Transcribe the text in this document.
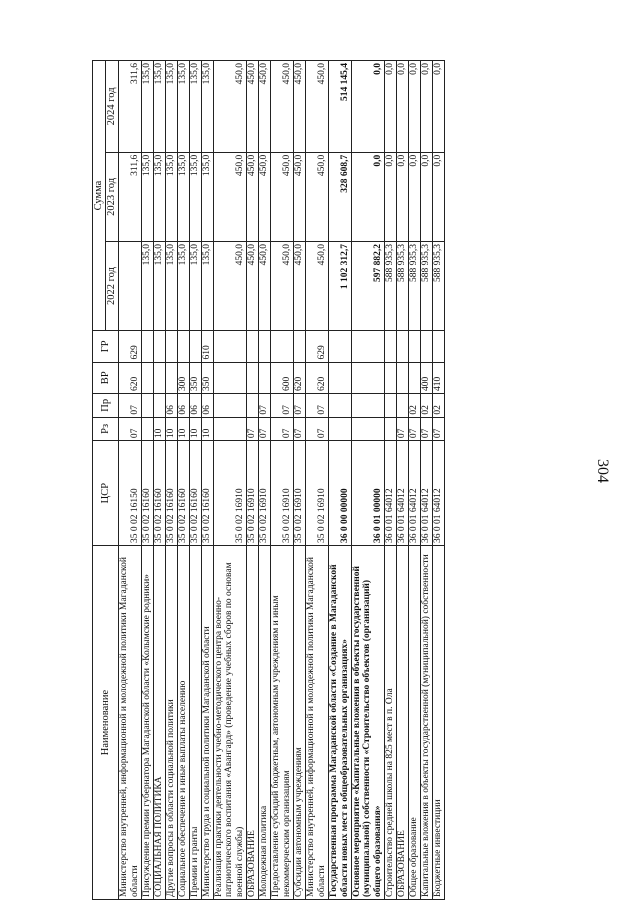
304
Наименование	ЦСР	Рз	Пр	ВР	ГР	Сумма		
						2022 год	2023 год	2024 год
Министерство внутренней, информационной и молодежной политики Магаданской области	35 0 02 16150	07	07	620	629		311,6	311,6
Присуждение премии губернатора Магаданской области «Колымские родники»	35 0 02 16160					135,0	135,0	135,0
СОЦИАЛЬНАЯ ПОЛИТИКА	35 0 02 16160	10				135,0	135,0	135,0
Другие вопросы в области социальной политики	35 0 02 16160	10	06			135,0	135,0	135,0
Социальное обеспечение и иные выплаты населению	35 0 02 16160	10	06	300		135,0	135,0	135,0
Премии и гранты	35 0 02 16160	10	06	350		135,0	135,0	135,0
Министерство труда и социальной политики Магаданской области	35 0 02 16160	10	06	350	610	135,0	135,0	135,0
Реализация практики деятельности учебно-методического центра военно-патриотического воспитания «Авангард» (проведение учебных сборов по основам военной службы)	35 0 02 16910					450,0	450,0	450,0
ОБРАЗОВАНИЕ	35 0 02 16910	07				450,0	450,0	450,0
Молодежная политика	35 0 02 16910	07	07			450,0	450,0	450,0
Предоставление субсидий бюджетным, автономным учреждениям и иным некоммерческим организациям	35 0 02 16910	07	07	600		450,0	450,0	450,0
Субсидии автономным учреждениям	35 0 02 16910	07	07	620		450,0	450,0	450,0
Министерство внутренней, информационной и молодежной политики Магаданской области	35 0 02 16910	07	07	620	629	450,0	450,0	450,0
Государственная программа Магаданской области «Создание в Магаданской области новых мест в общеобразовательных организациях»	36 0 00 00000					1 102 312,7	328 608,7	514 145,4
Основное мероприятие «Капитальные вложения в объекты государственной (муниципальной) собственности «Строительство объектов (организаций) общего образования»	36 0 01 00000					597 882,2	0,0	0,0
Строительство средней школы на 825 мест в п. Ола	36 0 01 64012					588 935,3	0,0	0,0
ОБРАЗОВАНИЕ	36 0 01 64012	07				588 935,3	0,0	0,0
Общее образование	36 0 01 64012	07	02			588 935,3	0,0	0,0
Капитальные вложения в объекты государственной (муниципальной) собственности	36 0 01 64012	07	02	400		588 935,3	0,0	0,0
Бюджетные инвестиции	36 0 01 64012	07	02	410		588 935,3	0,0	0,0
